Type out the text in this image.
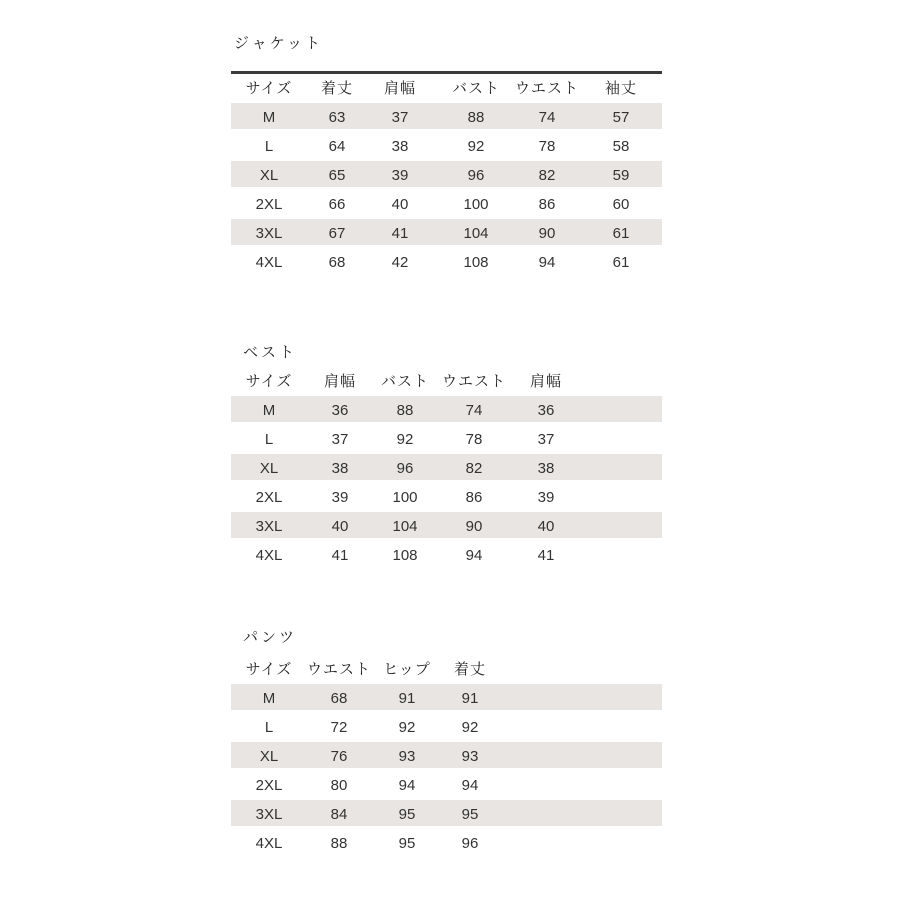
ジャケット
サイズ 着丈 肩幅 バスト ウエスト 袖丈
M	63	37	88	74	57
L	64	38	92	78	58
XL	65	39	96	82	59
2XL	66	40	100	86	60
3XL	67	41	104	90	61
4XL	68	42	108	94	61
ベスト
サイズ 肩幅 バスト ウエスト 肩幅
M	36	88	74	36
L	37	92	78	37
XL	38	96	82	38
2XL	39	100	86	39
3XL	40	104	90	40
4XL	41	108	94	41
パンツ
サイズ ウエスト ヒップ 着丈
M	68	91	91
L	72	92	92
XL	76	93	93
2XL	80	94	94
3XL	84	95	95
4XL	88	95	96
